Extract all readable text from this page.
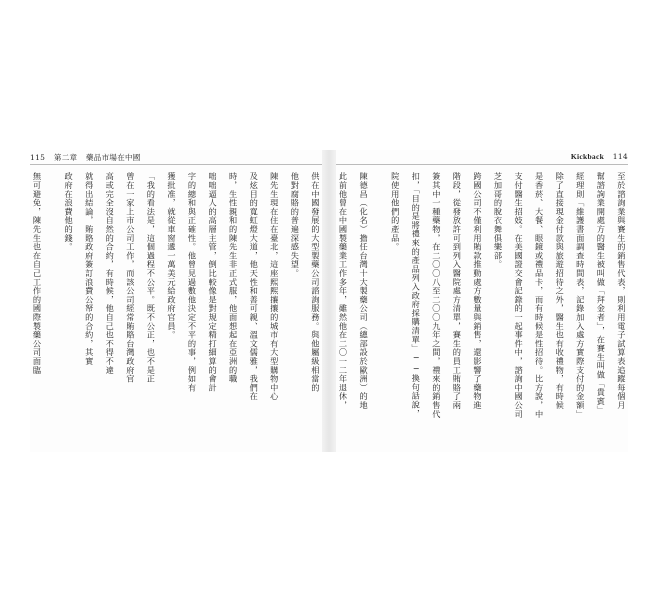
115 第二章 藥品市場在中國
供在中國發展的大型製藥公司諮詢服務。與他屬級相當的
他對腐賂的普遍深感失望。
陳先生現在住在臺北，這座熙熙攘攘的城市有大型購物中心
及炫目的寬虹燈大道，他天性和善可親、溫文儒雅，我們在
時，生性親和的陳先生非正式服，他面想起在亞洲的職
咄咄逼人的高層主管，倒比較像是對規定精打細算的會計
字的總和與正確性。他曾見過數他決定不平的事，例如有
獲批准，就從車窗遞一萬美元給政府官員。
「我的看法是，這個過程不公平。既不公正，也不是正
曾在一家上市公司工作，而該公司經常賄賂台灣政府官
高或完全沒自然的合約，有時候，他自己也不得不違
就得出結論，賄賂政府簽訂浪費公帑的合約，其實
政府在浪費他的錢。
無可避免，陳先生也在自己工作的國際製藥公司面臨
Kickback 114
至於諮詢業與賽生的銷售代表，則利用電子試算表追蹤每個月
幫諮詢業開處方的醫生被叫做「拜金者」，在賽生叫做「貴賓」
經理則「維護書面調查時間表，記錄加入處方實際支付的金額」
除了直接現金付款與旅遊招待之外，醫生也有收禮物，有時候
是香菸、大餐、眼鏡或禮品卡，而有時候是性招待。比方說，中
支付醫生招妓。在美國證交會記錄的一起事件中，諮詢中國公司
芝加哥的脫衣舞俱樂部。
跨國公司不僅利用賄款推動處方數量與銷售，還影響了藥物進
階段，從發放許可到列入醫院處方清單，賽生的員工賄賂了兩
簽其中一種藥物，在二〇〇八至二〇〇九年之間，禮來的銷售代
扣，「目的是將禮來的產品列入政府採購清單」──換句話說，
院使用他們的產品。
陳德昌（化名）擔任台灣十大製藥公司（總部設於歐洲）的地
此前他曾在中國製藥業工作多年，雖然他在二〇一二年退休，
